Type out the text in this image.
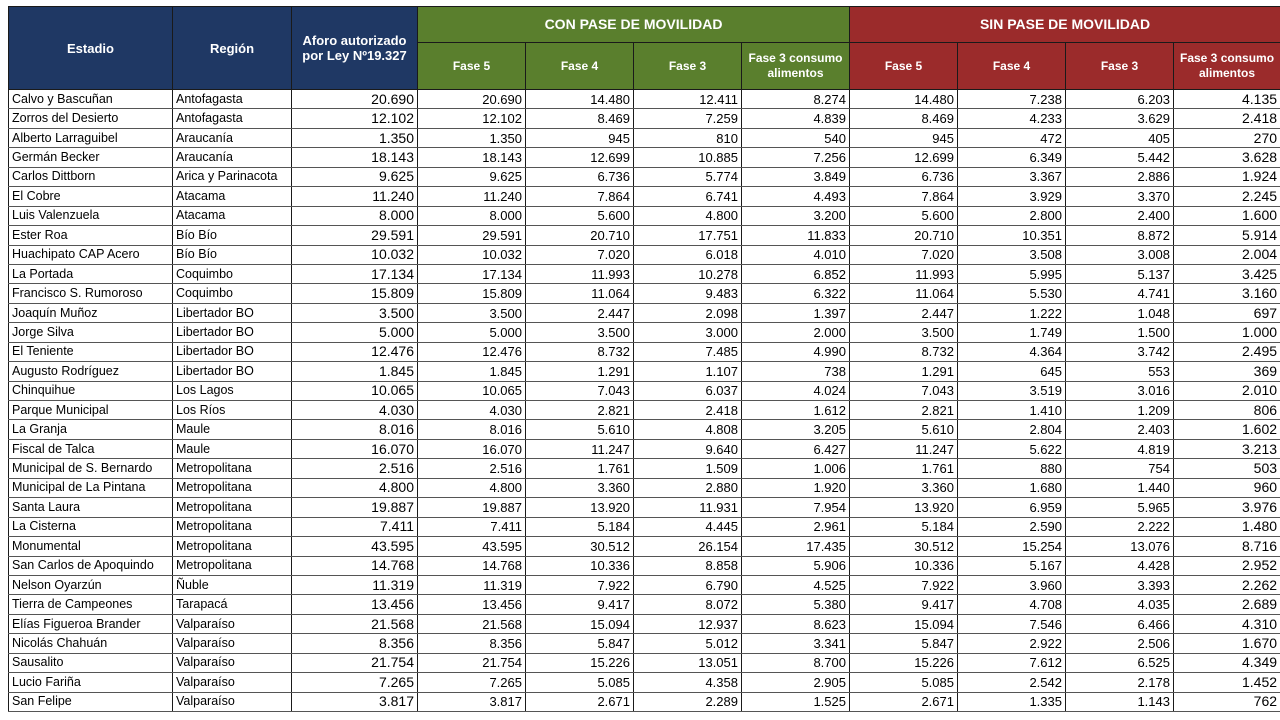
Estadio	Región	Aforo autorizado por Ley Nº19.327	CON PASE DE MOVILIDAD				SIN PASE DE MOVILIDAD			
			Fase 5	Fase 4	Fase 3	Fase 3 consumo alimentos	Fase 5	Fase 4	Fase 3	Fase 3 consumo alimentos
Calvo y Bascuñan	Antofagasta	20.690	20.690	14.480	12.411	8.274	14.480	7.238	6.203	4.135
Zorros del Desierto	Antofagasta	12.102	12.102	8.469	7.259	4.839	8.469	4.233	3.629	2.418
Alberto Larraguibel	Araucanía	1.350	1.350	945	810	540	945	472	405	270
Germán Becker	Araucanía	18.143	18.143	12.699	10.885	7.256	12.699	6.349	5.442	3.628
Carlos Dittborn	Arica y Parinacota	9.625	9.625	6.736	5.774	3.849	6.736	3.367	2.886	1.924
El Cobre	Atacama	11.240	11.240	7.864	6.741	4.493	7.864	3.929	3.370	2.245
Luis Valenzuela	Atacama	8.000	8.000	5.600	4.800	3.200	5.600	2.800	2.400	1.600
Ester Roa	Bío Bío	29.591	29.591	20.710	17.751	11.833	20.710	10.351	8.872	5.914
Huachipato CAP Acero	Bío Bío	10.032	10.032	7.020	6.018	4.010	7.020	3.508	3.008	2.004
La Portada	Coquimbo	17.134	17.134	11.993	10.278	6.852	11.993	5.995	5.137	3.425
Francisco S. Rumoroso	Coquimbo	15.809	15.809	11.064	9.483	6.322	11.064	5.530	4.741	3.160
Joaquín Muñoz	Libertador BO	3.500	3.500	2.447	2.098	1.397	2.447	1.222	1.048	697
Jorge Silva	Libertador BO	5.000	5.000	3.500	3.000	2.000	3.500	1.749	1.500	1.000
El Teniente	Libertador BO	12.476	12.476	8.732	7.485	4.990	8.732	4.364	3.742	2.495
Augusto Rodríguez	Libertador BO	1.845	1.845	1.291	1.107	738	1.291	645	553	369
Chinquihue	Los Lagos	10.065	10.065	7.043	6.037	4.024	7.043	3.519	3.016	2.010
Parque Municipal	Los Ríos	4.030	4.030	2.821	2.418	1.612	2.821	1.410	1.209	806
La Granja	Maule	8.016	8.016	5.610	4.808	3.205	5.610	2.804	2.403	1.602
Fiscal de Talca	Maule	16.070	16.070	11.247	9.640	6.427	11.247	5.622	4.819	3.213
Municipal de S. Bernardo	Metropolitana	2.516	2.516	1.761	1.509	1.006	1.761	880	754	503
Municipal de La Pintana	Metropolitana	4.800	4.800	3.360	2.880	1.920	3.360	1.680	1.440	960
Santa Laura	Metropolitana	19.887	19.887	13.920	11.931	7.954	13.920	6.959	5.965	3.976
La Cisterna	Metropolitana	7.411	7.411	5.184	4.445	2.961	5.184	2.590	2.222	1.480
Monumental	Metropolitana	43.595	43.595	30.512	26.154	17.435	30.512	15.254	13.076	8.716
San Carlos de Apoquindo	Metropolitana	14.768	14.768	10.336	8.858	5.906	10.336	5.167	4.428	2.952
Nelson Oyarzún	Ñuble	11.319	11.319	7.922	6.790	4.525	7.922	3.960	3.393	2.262
Tierra de Campeones	Tarapacá	13.456	13.456	9.417	8.072	5.380	9.417	4.708	4.035	2.689
Elías Figueroa Brander	Valparaíso	21.568	21.568	15.094	12.937	8.623	15.094	7.546	6.466	4.310
Nicolás Chahuán	Valparaíso	8.356	8.356	5.847	5.012	3.341	5.847	2.922	2.506	1.670
Sausalito	Valparaíso	21.754	21.754	15.226	13.051	8.700	15.226	7.612	6.525	4.349
Lucio Fariña	Valparaíso	7.265	7.265	5.085	4.358	2.905	5.085	2.542	2.178	1.452
San Felipe	Valparaíso	3.817	3.817	2.671	2.289	1.525	2.671	1.335	1.143	762
